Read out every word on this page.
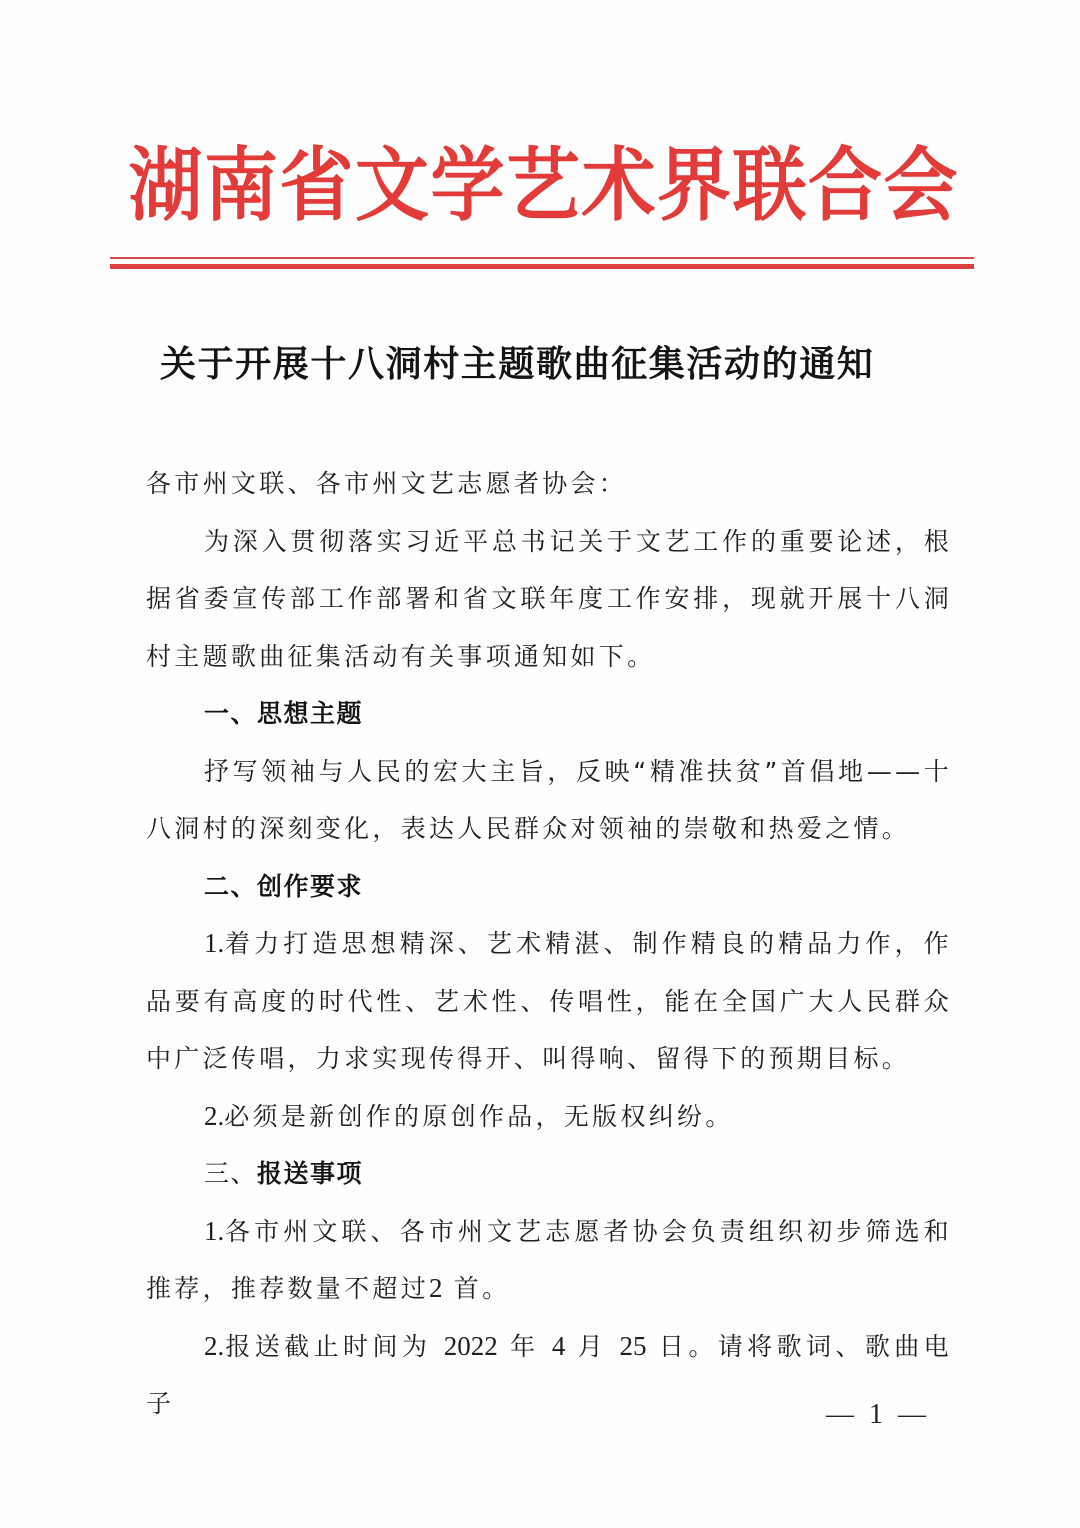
湖 南 省 文 学 艺 术 界 联 合 会
关于开展十八洞村主题歌曲征集活动的通知

各市州文联、各市州文艺志愿者协会：

为深入贯彻落实习近平总书记关于文艺工作的重要论述，根据省委宣传部工作部署和省文联年度工作安排，现就开展十八洞村主题歌曲征集活动有关事项通知如下。

一、思想主题

抒写领袖与人民的宏大主旨，反映“精准扶贫”首倡地——十八洞村的深刻变化，表达人民群众对领袖的崇敬和热爱之情。

二、创作要求

1.着力打造思想精深、艺术精湛、制作精良的精品力作，作品要有高度的时代性、艺术性、传唱性，能在全国广大人民群众中广泛传唱，力求实现传得开、叫得响、留得下的预期目标。

2.必须是新创作的原创作品，无版权纠纷。

三、报送事项

1.各市州文联、各市州文艺志愿者协会负责组织初步筛选和推荐，推荐数量不超过2 首。

2.报送截止时间为 2022 年 4 月 25 日。请将歌词、歌曲电子	— 1 —
